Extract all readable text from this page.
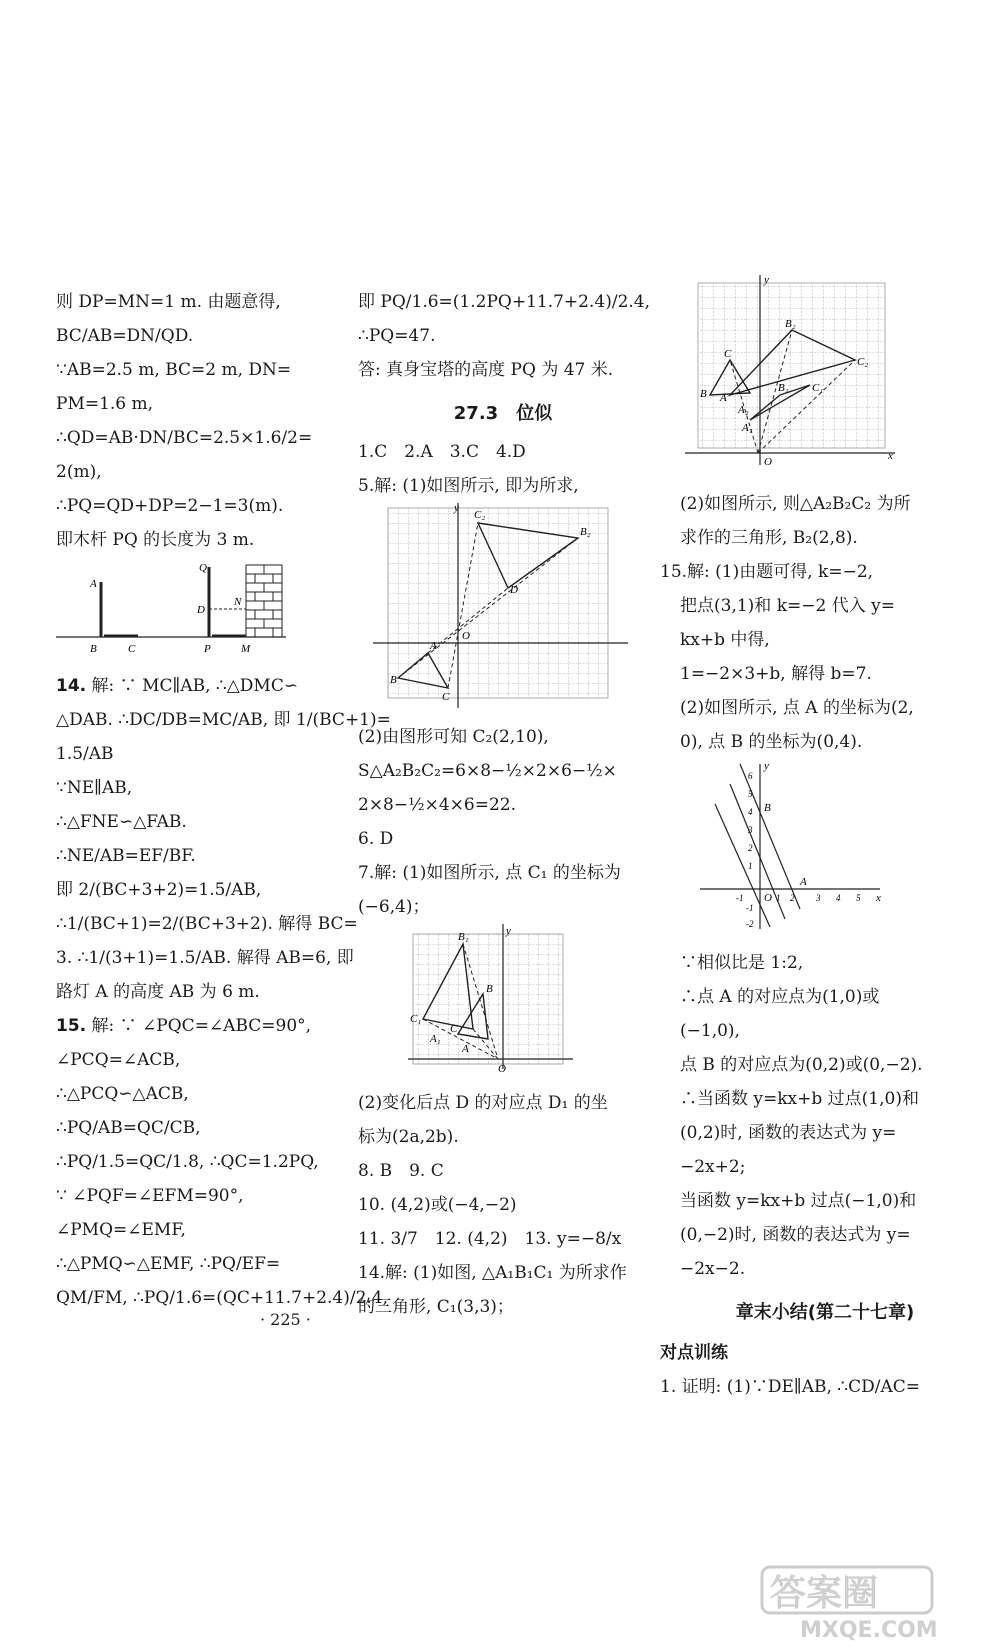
则 DP=MN=1 m. 由题意得,
BC/AB=DN/QD.
∵AB=2.5 m, BC=2 m, DN=
PM=1.6 m,
∴QD=AB·DN/BC=2.5×1.6/2=
2(m),
∴PQ=QD+DP=2−1=3(m).
即木杆 PQ 的长度为 3 m.
Q
A
D
N
B	C	P	M
14. 解: ∵ MC∥AB, ∴△DMC∽
△DAB. ∴DC/DB=MC/AB, 即 1/(BC+1)=
1.5/AB
∵NE∥AB,
∴△FNE∽△FAB.
∴NE/AB=EF/BF.
即 2/(BC+3+2)=1.5/AB,
∴1/(BC+1)=2/(BC+3+2). 解得 BC=
3. ∴1/(3+1)=1.5/AB. 解得 AB=6, 即
路灯 A 的高度 AB 为 6 m.
15. 解: ∵ ∠PQC=∠ABC=90°,
∠PCQ=∠ACB,
∴△PCQ∽△ACB,
∴PQ/AB=QC/CB,
∴PQ/1.5=QC/1.8, ∴QC=1.2PQ,
∵ ∠PQF=∠EFM=90°,
∠PMQ=∠EMF,
∴△PMQ∽△EMF, ∴PQ/EF=
QM/FM, ∴PQ/1.6=(QC+11.7+2.4)/2.4,
即 PQ/1.6=(1.2PQ+11.7+2.4)/2.4,
∴PQ=47.
答: 真身宝塔的高度 PQ 为 47 米.
27.3　位似
1.C　2.A　3.C　4.D
5.解: (1)如图所示, 即为所求,
C₂
B₂
D
O
y
A
B
C
(2)由图形可知 C₂(2,10),
S△A₂B₂C₂=6×8−½×2×6−½×
2×8−½×4×6=22.
6. D
7.解: (1)如图所示, 点 C₁ 的坐标为
(−6,4)；
y
B₁
B
C₁
C
A₁
A
O
(2)变化后点 D 的对应点 D₁ 的坐
标为(2a,2b).
8. B　9. C
10. (4,2)或(−4,−2)
11. 3/7　12. (4,2)　13. y=−8/x
14.解: (1)如图, △A₁B₁C₁ 为所求作
的三角形, C₁(3,3)；
y
x
B₂
C
C₂
B A
A₂
C₁
B₁
A₁
O
(2)如图所示, 则△A₂B₂C₂ 为所
求作的三角形, B₂(2,8).
15.解: (1)由题可得, k=−2,
把点(3,1)和 k=−2 代入 y=
kx+b 中得,
1=−2×3+b, 解得 b=7.
(2)如图所示, 点 A 的坐标为(2,
0), 点 B 的坐标为(0,4).
y
x
B
A
O
6
5
4
3
2
1
-1
-2
-1	1 2 3 4 5
∵相似比是 1:2,
∴点 A 的对应点为(1,0)或
(−1,0),
点 B 的对应点为(0,2)或(0,−2).
∴当函数 y=kx+b 过点(1,0)和
(0,2)时, 函数的表达式为 y=
−2x+2;
当函数 y=kx+b 过点(−1,0)和
(0,−2)时, 函数的表达式为 y=
−2x−2.
章末小结(第二十七章)
对点训练
1. 证明: (1)∵DE∥AB, ∴CD/AC=
· 225 ·
答案圈
MXQE.COM
